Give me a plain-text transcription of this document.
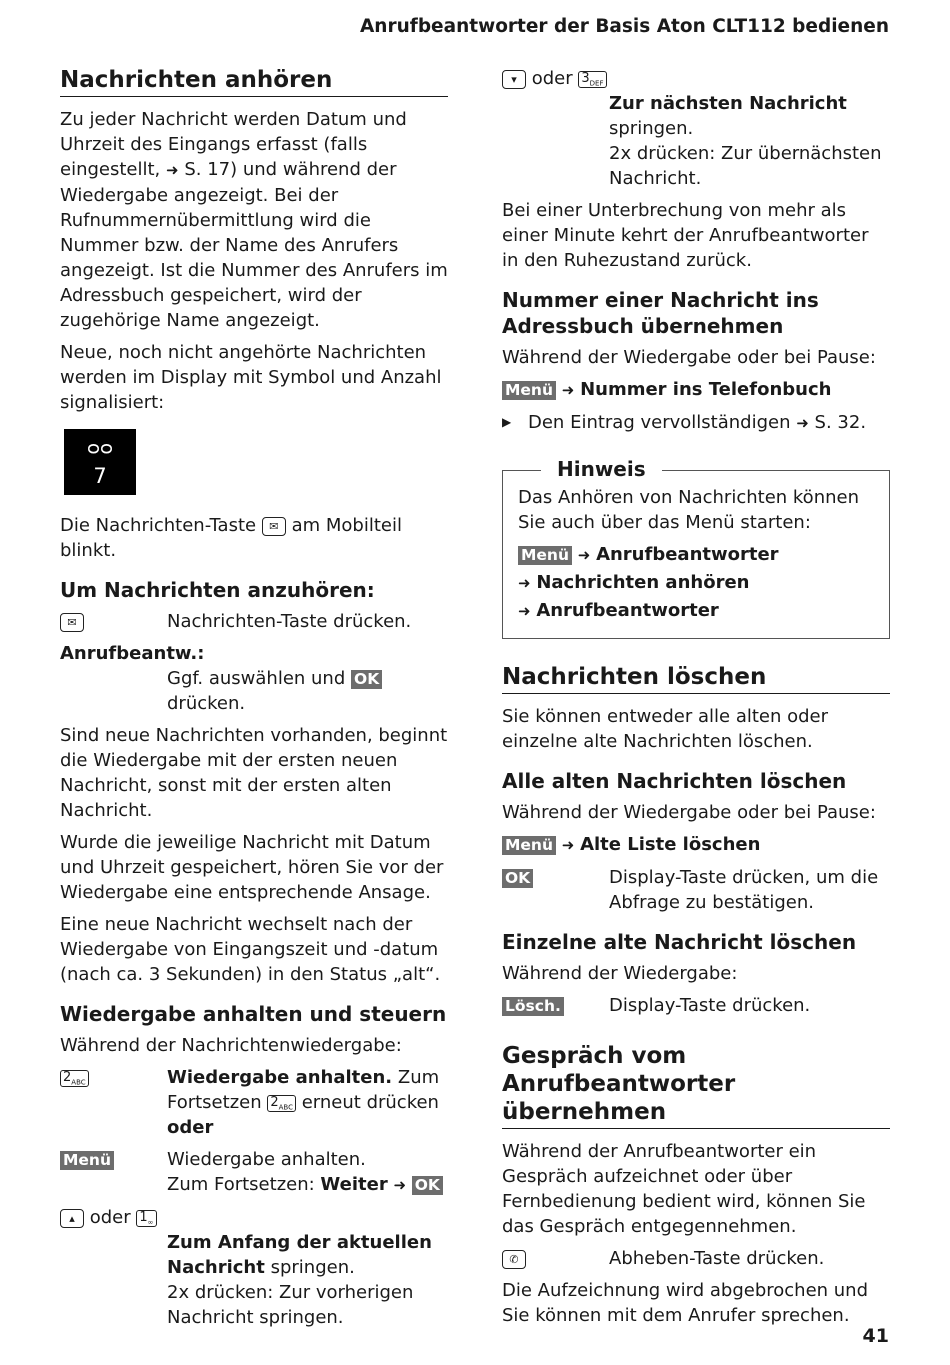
Anrufbeantworter der Basis Aton CLT112 bedienen
Nachrichten anhören

Zu jeder Nachricht werden Datum und Uhrzeit des Eingangs erfasst (falls eingestellt, ➜ S. 17) und während der Wiedergabe angezeigt. Bei der Rufnummernübermittlung wird die Nummer bzw. der Name des Anrufers angezeigt. Ist die Nummer des Anrufers im Adressbuch gespeichert, wird der zugehörige Name angezeigt.

Neue, noch nicht angehörte Nachrichten werden im Display mit Symbol und Anzahl signalisiert:

ᴑᴑ
7

Die Nachrichten-Taste ✉ am Mobilteil blinkt.

Um Nachrichten anzuhören:
✉	Nachrichten-Taste drücken.
Anrufbeantw.:
Ggf. auswählen und OK
drücken.

Sind neue Nachrichten vorhanden, beginnt die Wiedergabe mit der ersten neuen Nachricht, sonst mit der ersten alten Nachricht.

Wurde die jeweilige Nachricht mit Datum und Uhrzeit gespeichert, hören Sie vor der Wiedergabe eine entsprechende Ansage.

Eine neue Nachricht wechselt nach der Wiedergabe von Eingangszeit und -datum (nach ca. 3 Sekunden) in den Status „alt“.

Wiedergabe anhalten und steuern

Während der Nachrichtenwiedergabe:

$2_{ABC}$	Wiedergabe anhalten. Zum Fortsetzen $2_{ABC}$ erneut drücken
oder
Menü	Wiedergabe anhalten.
Zum Fortsetzen: Weiter ➜ OK
▴ oder $1_\infty$
Zum Anfang der aktuellen Nachricht springen.
2x drücken: Zur vorherigen Nachricht springen.
▾ oder $3_{DEF}$
Zur nächsten Nachricht springen.
2x drücken: Zur übernächsten Nachricht.

Bei einer Unterbrechung von mehr als einer Minute kehrt der Anrufbeantworter in den Ruhezustand zurück.

Nummer einer Nachricht ins Adressbuch übernehmen

Während der Wiedergabe oder bei Pause:

Menü ➜ Nummer ins Telefonbuch

▶ Den Eintrag vervollständigen ➜ S. 32.
Hinweis

Das Anhören von Nachrichten können Sie auch über das Menü starten:

Menü ➜ Anrufbeantworter
➜ Nachrichten anhören
➜ Anrufbeantworter
Nachrichten löschen

Sie können entweder alle alten oder einzelne alte Nachrichten löschen.

Alle alten Nachrichten löschen

Während der Wiedergabe oder bei Pause:

Menü ➜ Alte Liste löschen

OK	Display-Taste drücken, um die Abfrage zu bestätigen.
Einzelne alte Nachricht löschen

Während der Wiedergabe:

Lösch.	Display-Taste drücken.
Gespräch vom Anrufbeantworter übernehmen

Während der Anrufbeantworter ein Gespräch aufzeichnet oder über Fernbedienung bedient wird, können Sie das Gespräch entgegennehmen.

✆	Abheben-Taste drücken.

Die Aufzeichnung wird abgebrochen und Sie können mit dem Anrufer sprechen.

41
